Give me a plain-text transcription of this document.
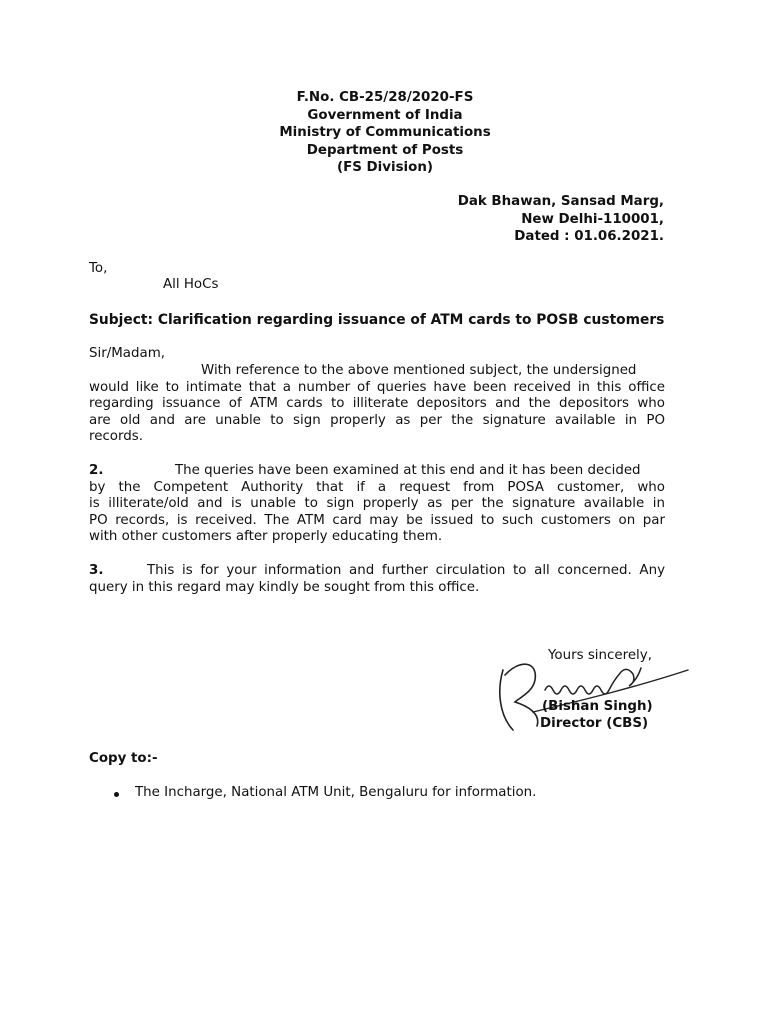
F.No. CB-25/28/2020-FS
Government of India
Ministry of Communications
Department of Posts
(FS Division)
Dak Bhawan, Sansad Marg,
New Delhi-110001,
Dated : 01.06.2021.
To,
All HoCs
Subject: Clarification regarding issuance of ATM cards to POSB customers
Sir/Madam,
With reference to the above mentioned subject, the undersigned
would like to intimate that a number of queries have been received in this office
regarding issuance of ATM cards to illiterate depositors and the depositors who
are old and are unable to sign properly as per the signature available in PO
records.
2.	The queries have been examined at this end and it has been decided
by the Competent Authority that if a request from POSA customer, who
is illiterate/old and is unable to sign properly as per the signature available in
PO records, is received. The ATM card may be issued to such customers on par
with other customers after properly educating them.
3.	This is for your information and further circulation to all concerned. Any
query in this regard may kindly be sought from this office.
Yours sincerely,
(Bishan Singh)
Director (CBS)
Copy to:-
The Incharge, National ATM Unit, Bengaluru for information.
